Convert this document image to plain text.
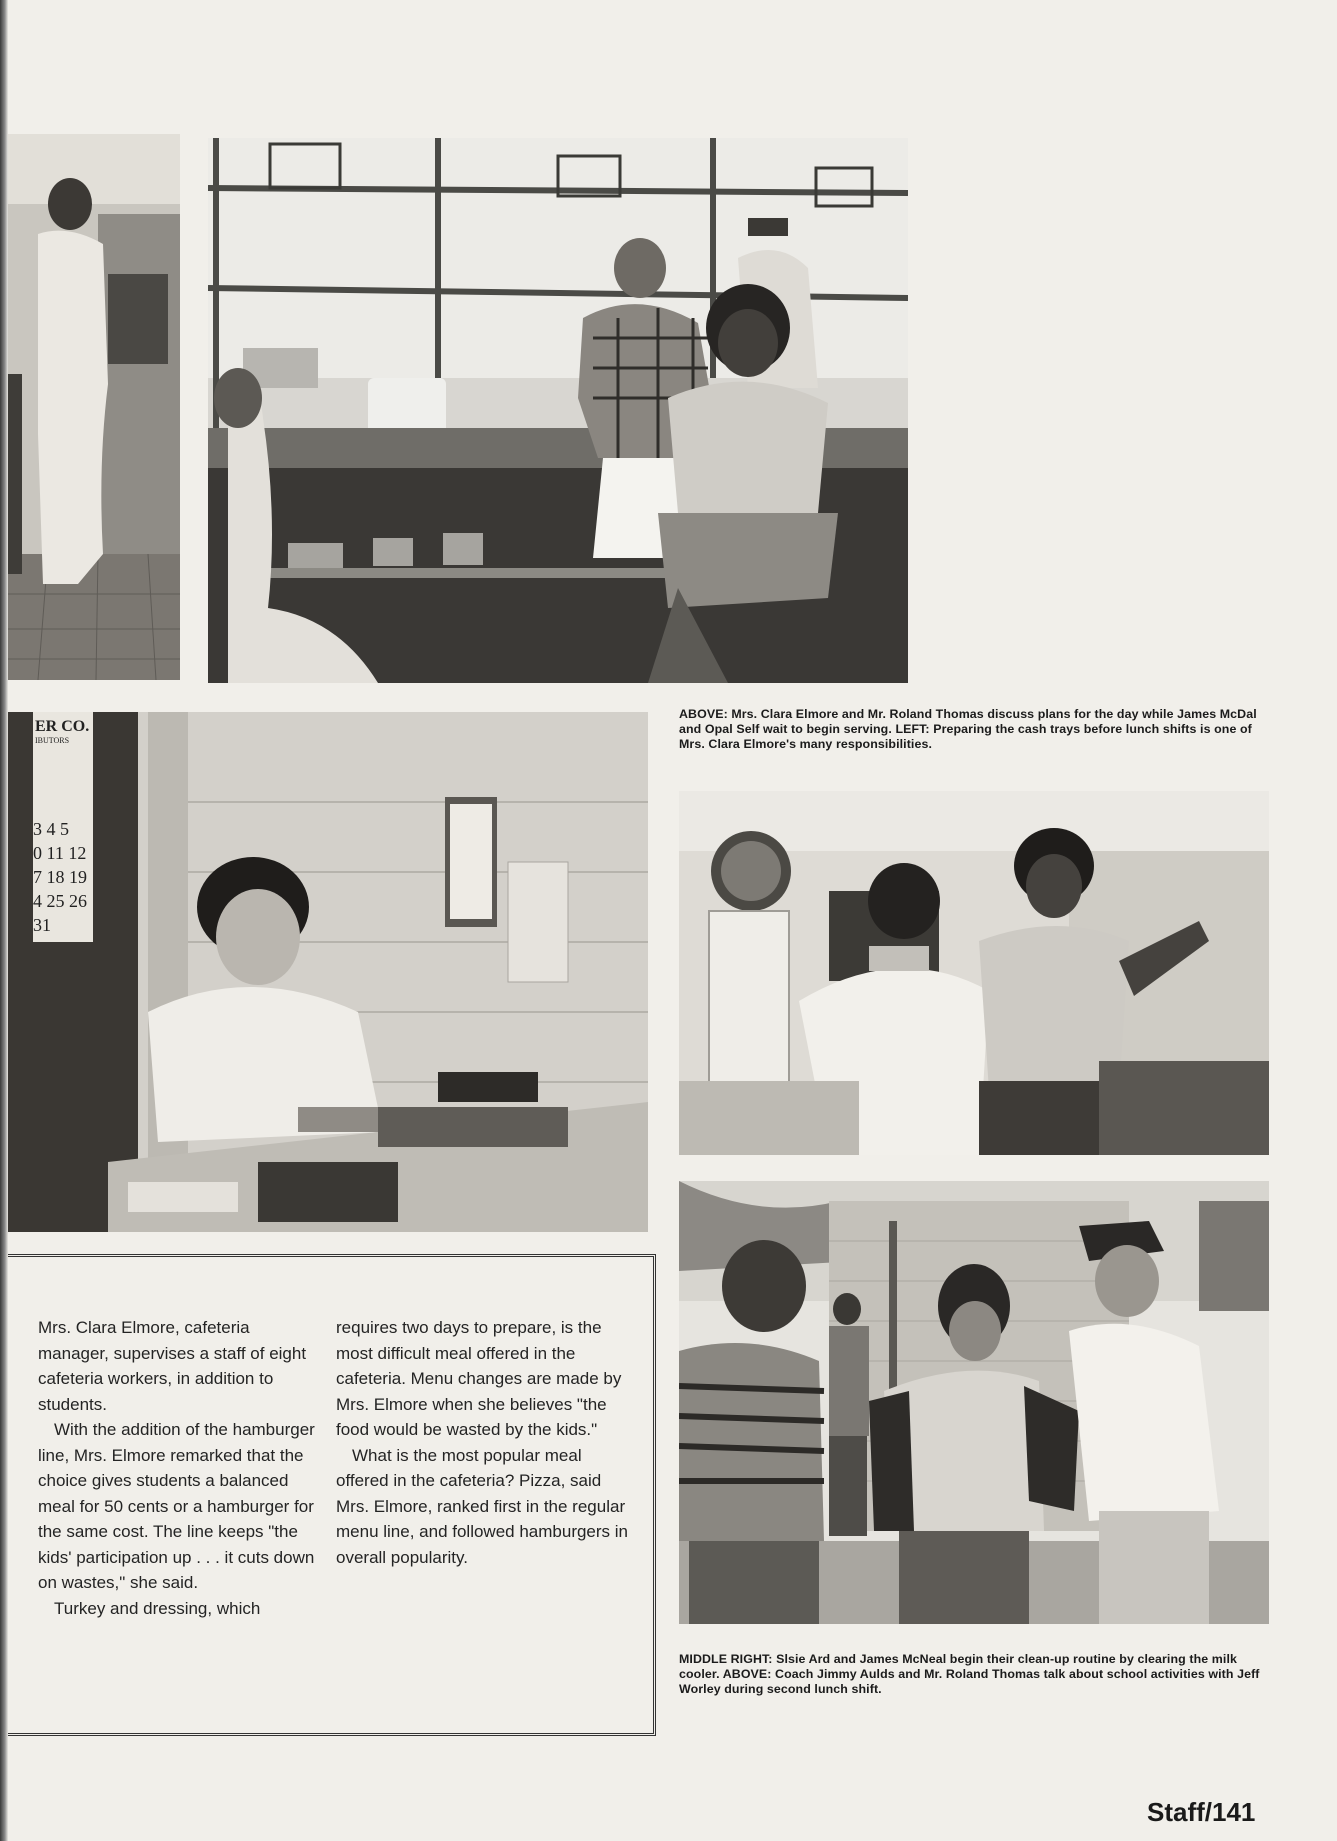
ER CO.
IBUTORS
3 4 5
0 11 12
7 18 19
4 25 26
31
ABOVE: Mrs. Clara Elmore and Mr. Roland Thomas discuss plans for the day while James McDal and Opal Self wait to begin serving. LEFT: Preparing the cash trays before lunch shifts is one of Mrs. Clara Elmore's many responsibilities.
MIDDLE RIGHT: Slsie Ard and James McNeal begin their clean-up routine by clearing the milk cooler. ABOVE: Coach Jimmy Aulds and Mr. Roland Thomas talk about school activities with Jeff Worley during second lunch shift.

Mrs. Clara Elmore, cafeteria manager, supervises a staff of eight cafeteria workers, in addition to students.

With the addition of the hamburger line, Mrs. Elmore remarked that the choice gives students a balanced meal for 50 cents or a hamburger for the same cost. The line keeps "the kids' participation up . . . it cuts down on wastes," she said.

Turkey and dressing, which

requires two days to prepare, is the most difficult meal offered in the cafeteria. Menu changes are made by Mrs. Elmore when she believes "the food would be wasted by the kids."

What is the most popular meal offered in the cafeteria? Pizza, said Mrs. Elmore, ranked first in the regular menu line, and followed hamburgers in overall popularity.

Staff/141
